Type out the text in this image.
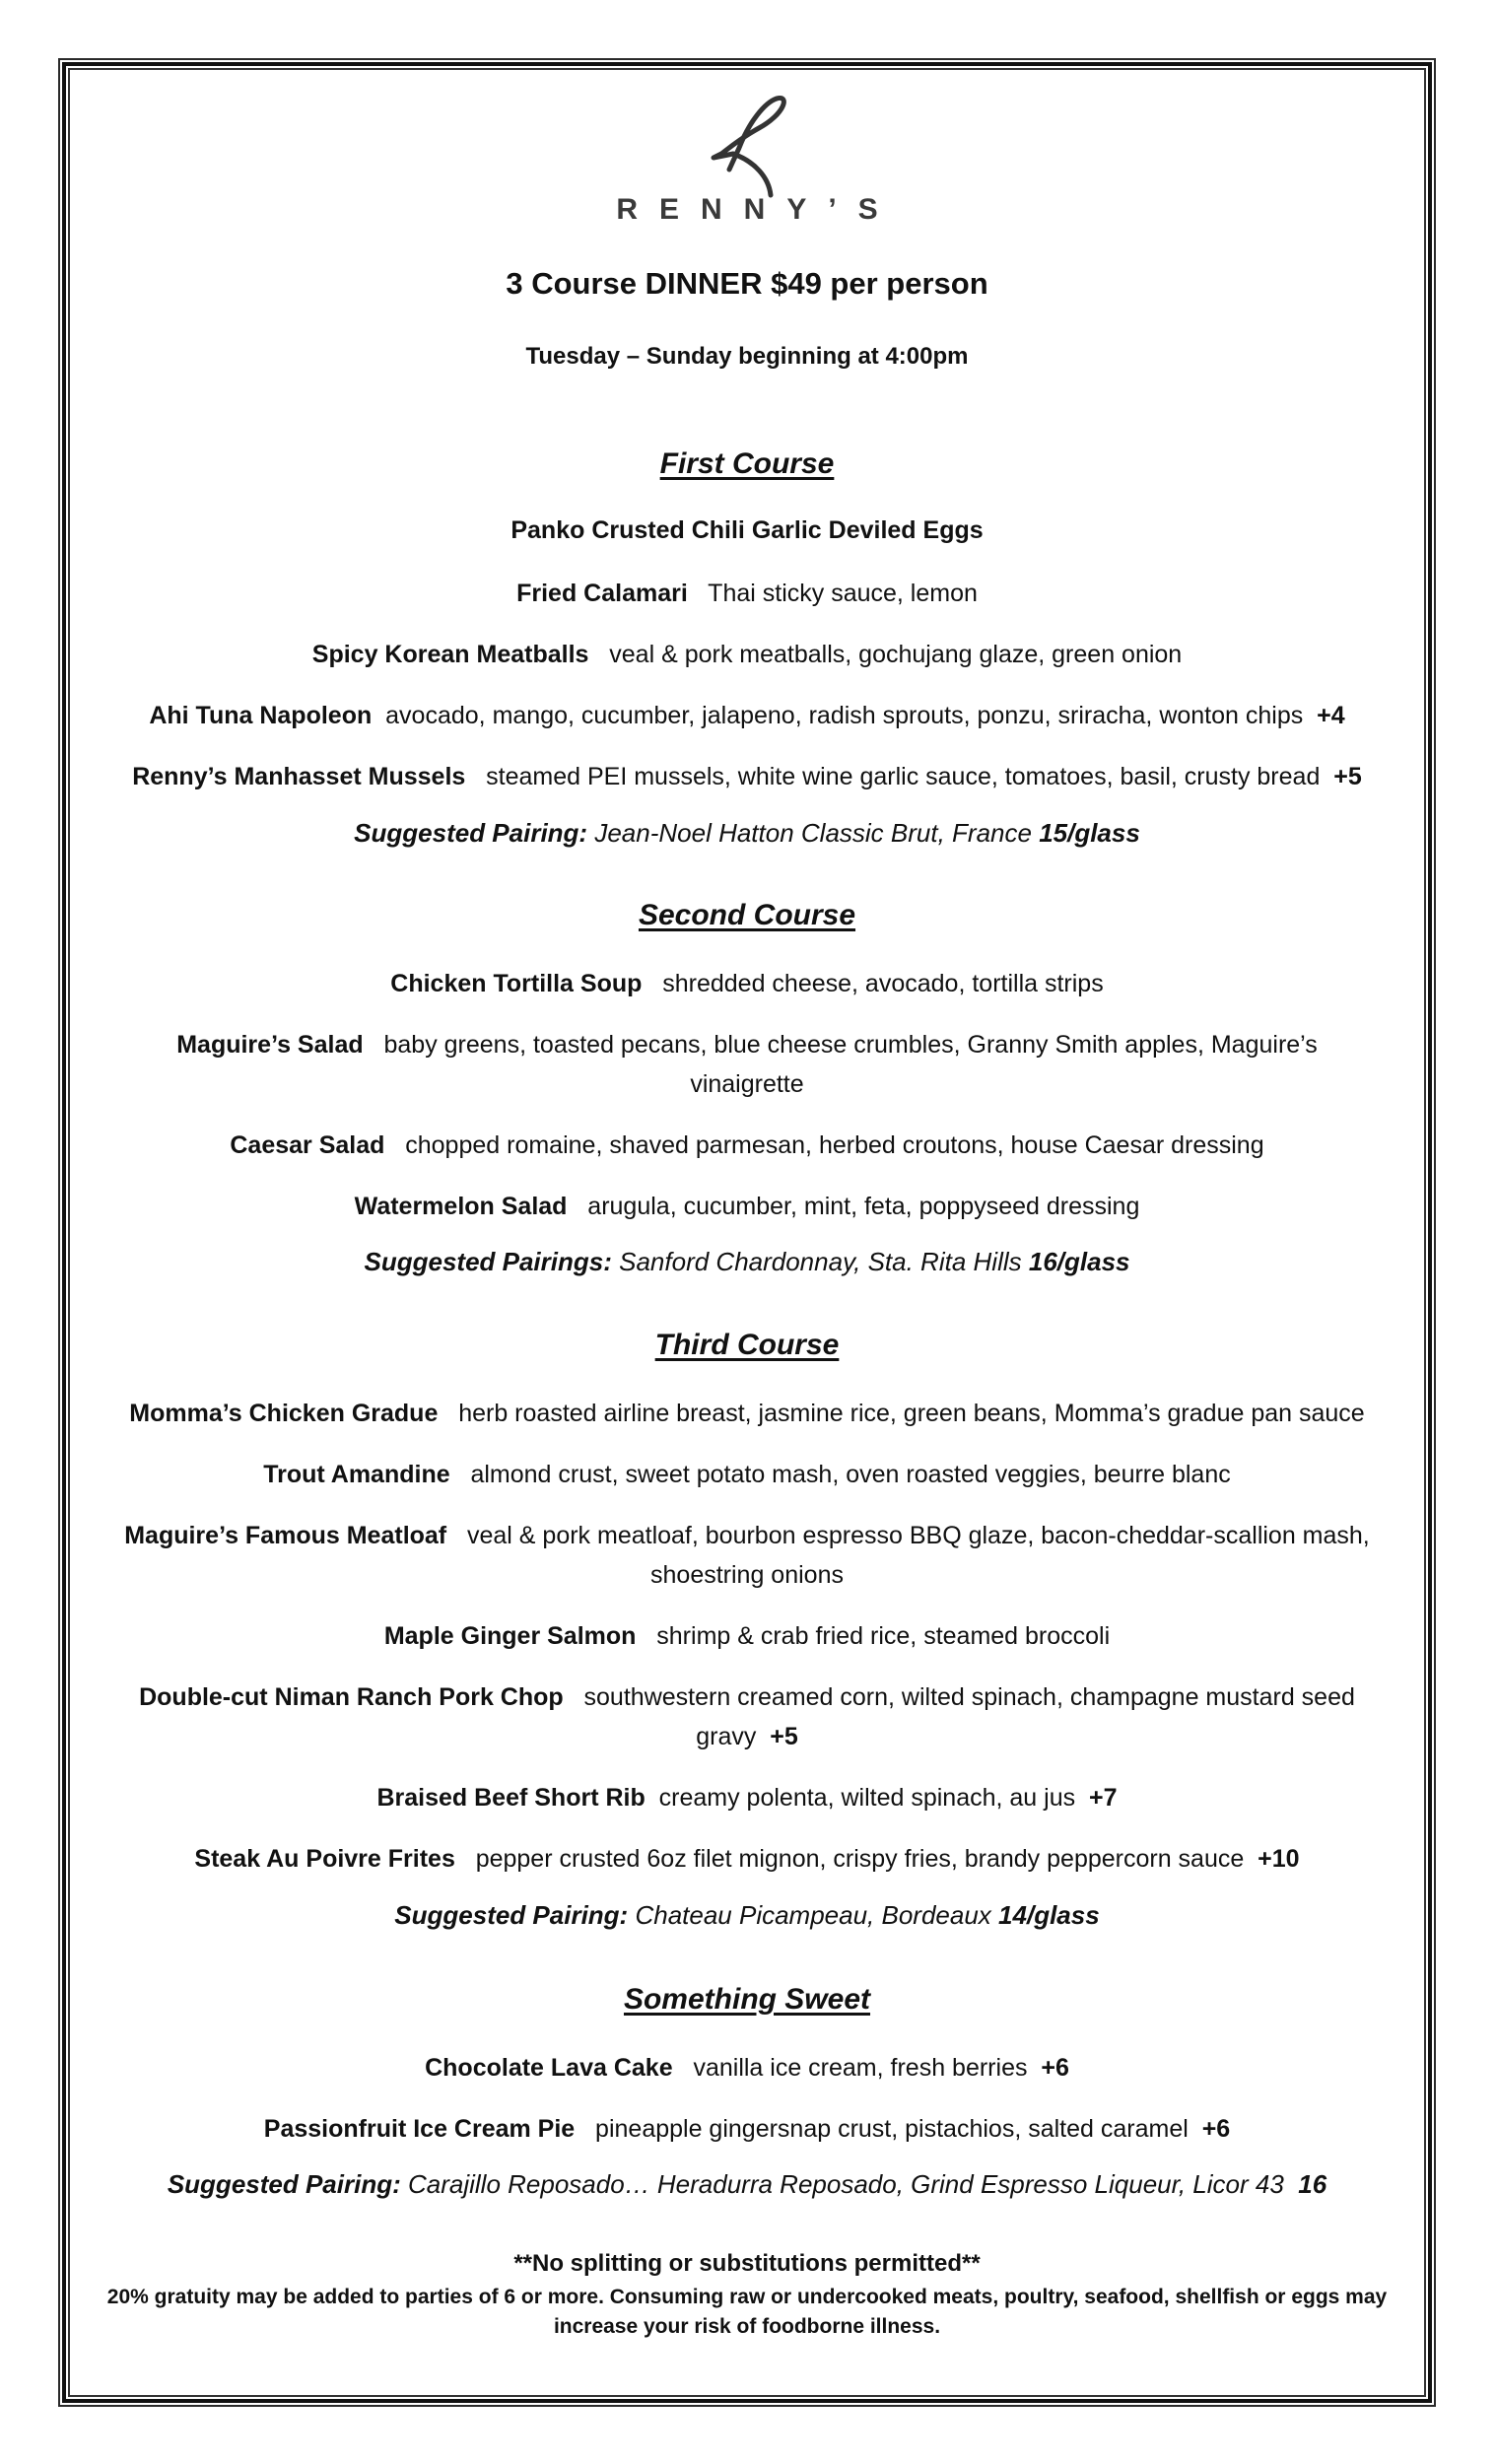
RENNY’S
3 Course DINNER $49 per person
Tuesday – Sunday beginning at 4:00pm
First Course
Panko Crusted Chili Garlic Deviled Eggs
Fried Calamari Thai sticky sauce, lemon
Spicy Korean Meatballs veal & pork meatballs, gochujang glaze, green onion
Ahi Tuna Napoleon avocado, mango, cucumber, jalapeno, radish sprouts, ponzu, sriracha, wonton chips +4
Renny’s Manhasset Mussels steamed PEI mussels, white wine garlic sauce, tomatoes, basil, crusty bread +5
Suggested Pairing: Jean-Noel Hatton Classic Brut, France 15/glass
Second Course
Chicken Tortilla Soup shredded cheese, avocado, tortilla strips
Maguire’s Salad baby greens, toasted pecans, blue cheese crumbles, Granny Smith apples, Maguire’s vinaigrette
Caesar Salad chopped romaine, shaved parmesan, herbed croutons, house Caesar dressing
Watermelon Salad arugula, cucumber, mint, feta, poppyseed dressing
Suggested Pairings: Sanford Chardonnay, Sta. Rita Hills 16/glass
Third Course
Momma’s Chicken Gradue herb roasted airline breast, jasmine rice, green beans, Momma’s gradue pan sauce
Trout Amandine almond crust, sweet potato mash, oven roasted veggies, beurre blanc
Maguire’s Famous Meatloaf veal & pork meatloaf, bourbon espresso BBQ glaze, bacon-cheddar-scallion mash, shoestring onions
Maple Ginger Salmon shrimp & crab fried rice, steamed broccoli
Double-cut Niman Ranch Pork Chop southwestern creamed corn, wilted spinach, champagne mustard seed gravy +5
Braised Beef Short Rib creamy polenta, wilted spinach, au jus +7
Steak Au Poivre Frites pepper crusted 6oz filet mignon, crispy fries, brandy peppercorn sauce +10
Suggested Pairing: Chateau Picampeau, Bordeaux 14/glass
Something Sweet
Chocolate Lava Cake vanilla ice cream, fresh berries +6
Passionfruit Ice Cream Pie pineapple gingersnap crust, pistachios, salted caramel +6
Suggested Pairing: Carajillo Reposado… Heradurra Reposado, Grind Espresso Liqueur, Licor 43 16
**No splitting or substitutions permitted**
20% gratuity may be added to parties of 6 or more. Consuming raw or undercooked meats, poultry, seafood, shellfish or eggs may increase your risk of foodborne illness.
